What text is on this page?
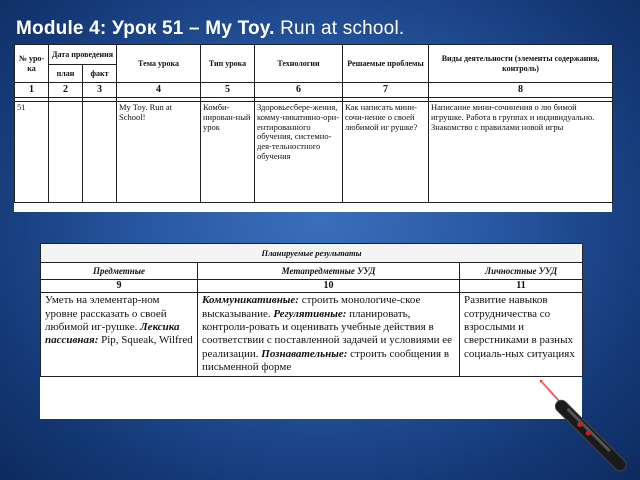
Module 4: Урок 51 – My Toy. Run at school.
№ уро-ка	Дата проведения		Тема урока	Тип урока	Технологии	Решаемые проблемы	Виды деятельности (элементы содержания, контроль)
	план	факт					
1	2	3	4	5	6	7	8

51			My Toy. Run at School!	Комби-нирован-ный урок	Здоровьесбере-жения, комму-никативно-ори-ентированного обучения, системно-дея-тельностного обучения	Как написать мини-сочи-нение о своей любимой иг рушке?	Написание мини-сочинения о лю бимой игрушке. Работа в группах и индивидуально. Знакомство с правилами новой игры
Планируемые результаты		
Предметные	Метапредметные УУД	Личностные УУД
9	10	11
Уметь на элементар-ном уровне рассказать о своей любимой иг-рушке. Лексика пассивная: Pip, Squeak, Wilfred	Коммуникативные: строить монологиче-ское высказывание. Регулятивные: планировать, контроли-ровать и оценивать учебные действия в соответствии с поставленной задачей и условиями ее реализации. Познавательные: строить сообщения в письменной форме	Развитие навыков сотрудничества со взрослыми и сверстниками в разных социаль-ных ситуациях
